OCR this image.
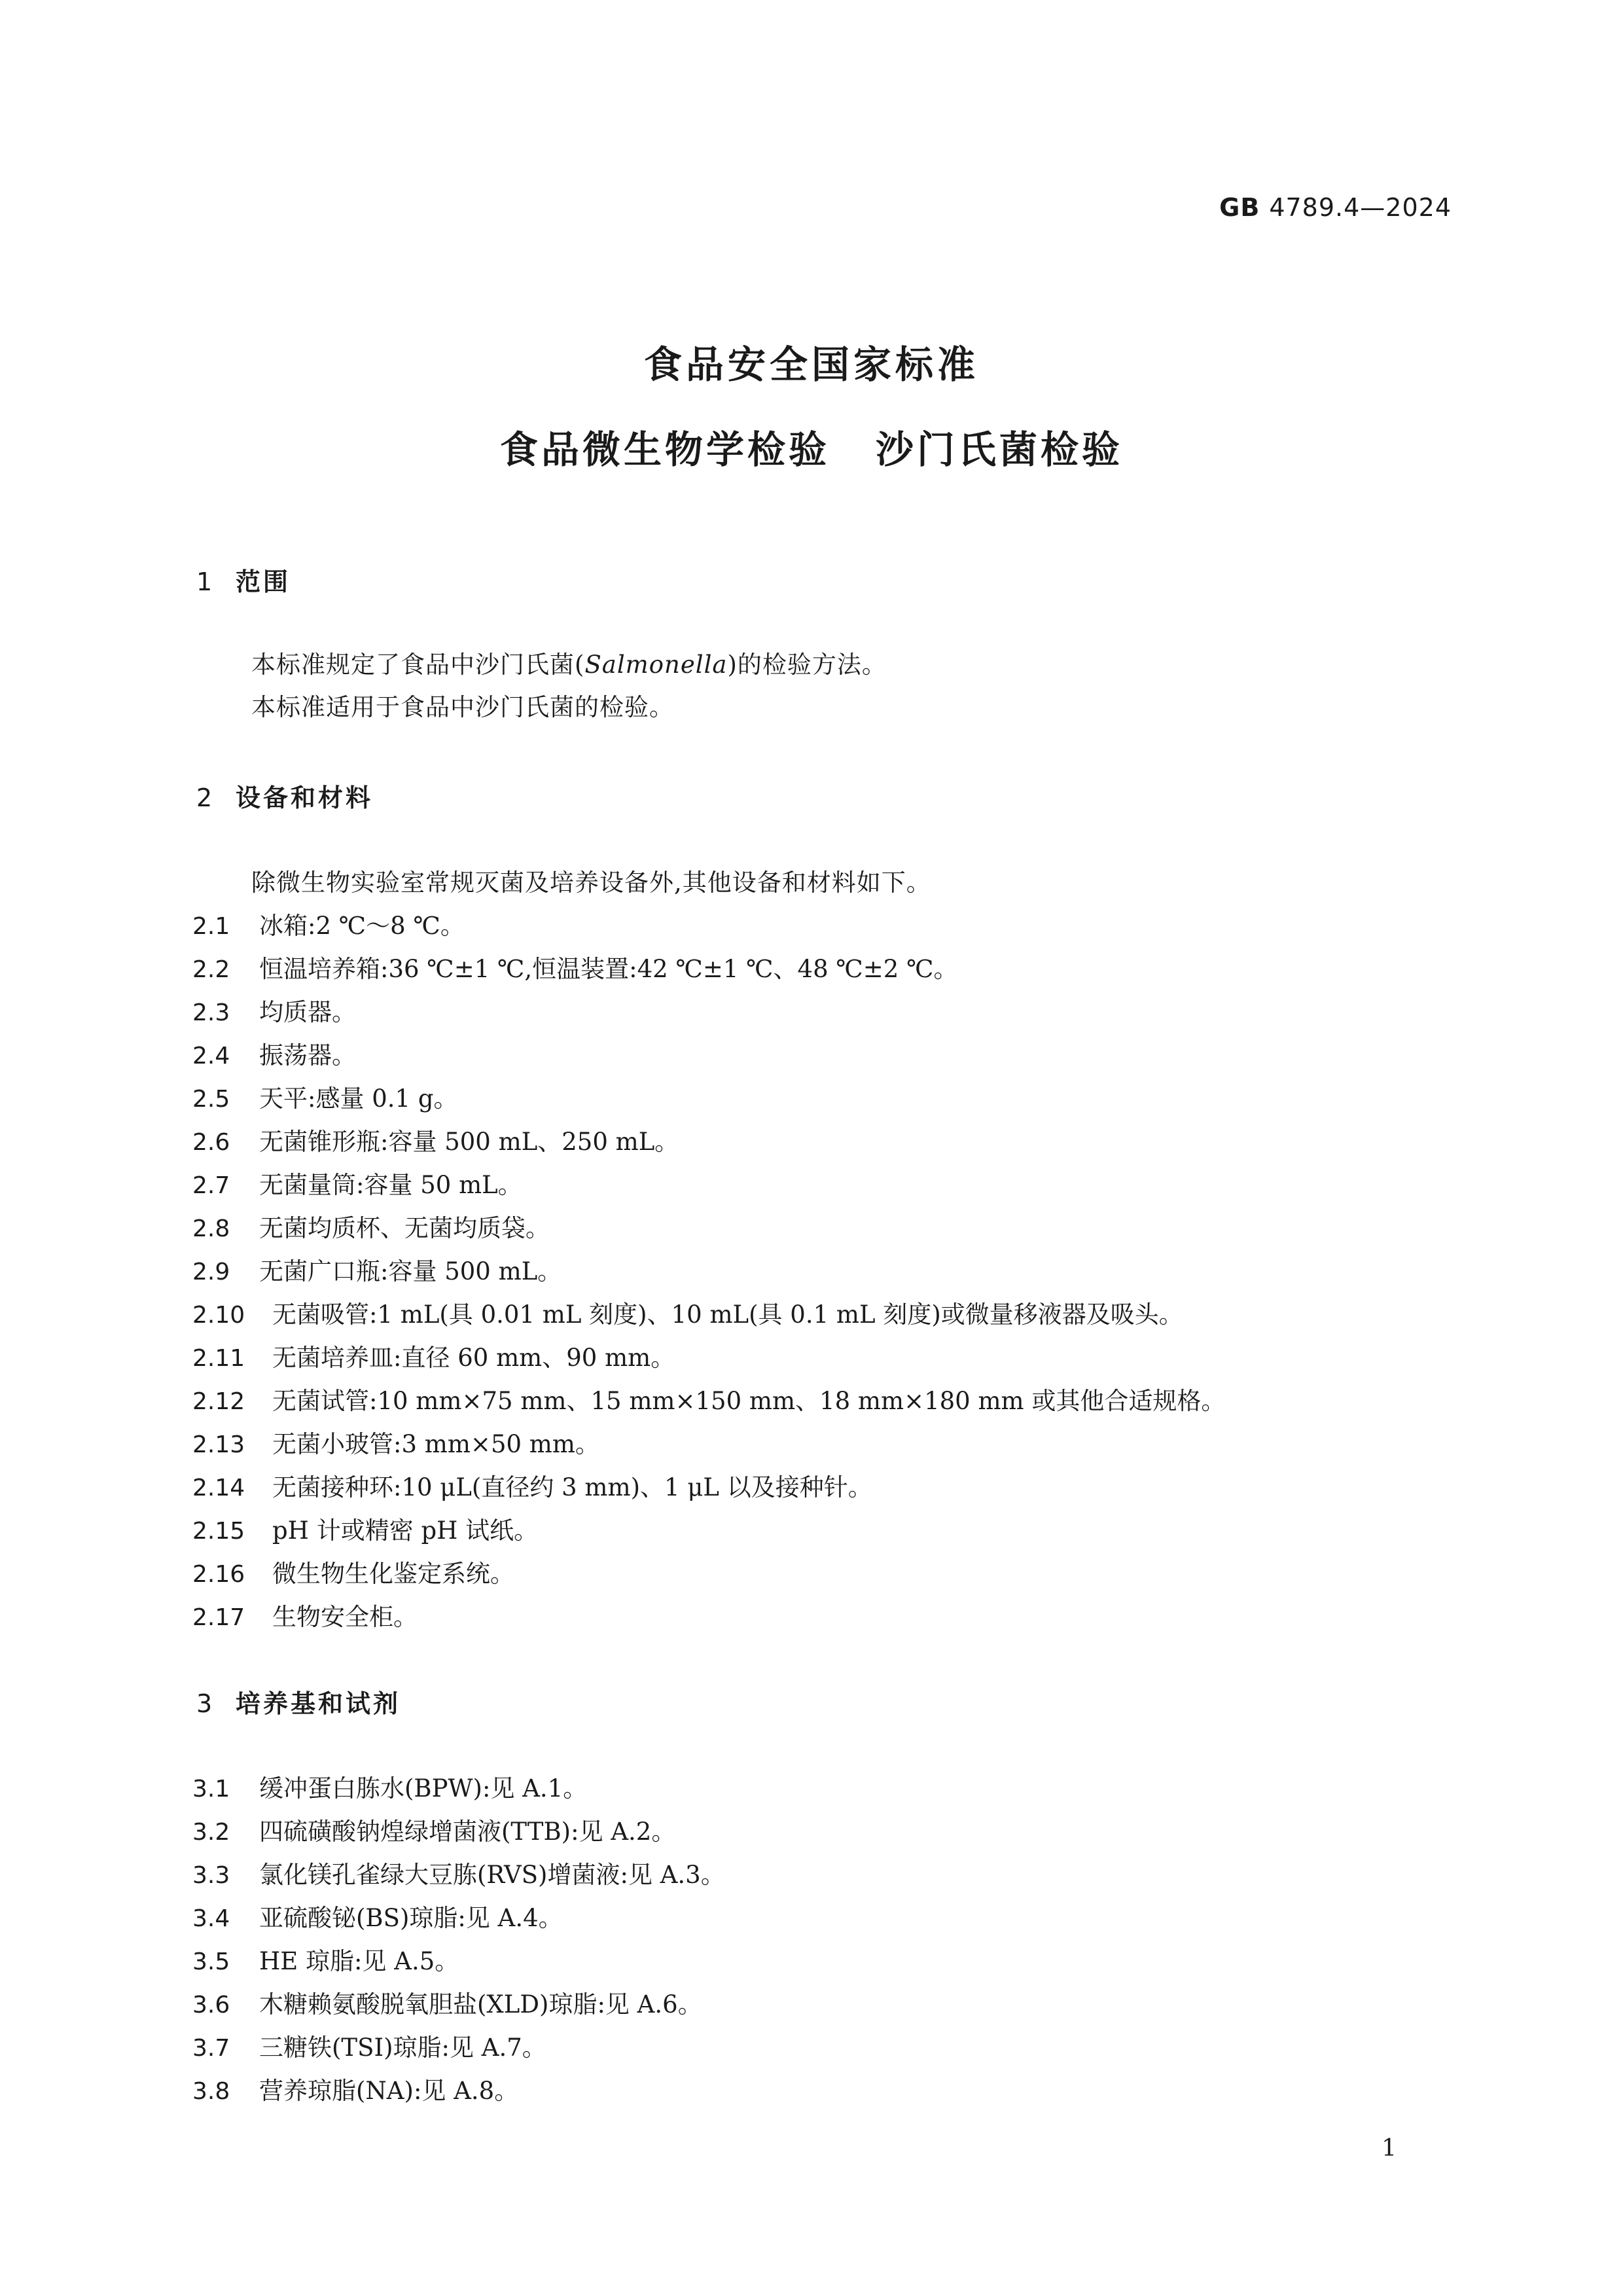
GB 4789.4—2024
食品安全国家标准
食品微生物学检验 沙门氏菌检验
1 范围
本标准规定了食品中沙门氏菌(Salmonella)的检验方法。
本标准适用于食品中沙门氏菌的检验。
2 设备和材料
除微生物实验室常规灭菌及培养设备外,其他设备和材料如下。
2.1 冰箱:2 ℃～8 ℃。
2.2 恒温培养箱:36 ℃±1 ℃,恒温装置:42 ℃±1 ℃、48 ℃±2 ℃。
2.3 均质器。
2.4 振荡器。
2.5 天平:感量 0.1 g。
2.6 无菌锥形瓶:容量 500 mL、250 mL。
2.7 无菌量筒:容量 50 mL。
2.8 无菌均质杯、无菌均质袋。
2.9 无菌广口瓶:容量 500 mL。
2.10 无菌吸管:1 mL(具 0.01 mL 刻度)、10 mL(具 0.1 mL 刻度)或微量移液器及吸头。
2.11 无菌培养皿:直径 60 mm、90 mm。
2.12 无菌试管:10 mm×75 mm、15 mm×150 mm、18 mm×180 mm 或其他合适规格。
2.13 无菌小玻管:3 mm×50 mm。
2.14 无菌接种环:10 μL(直径约 3 mm)、1 μL 以及接种针。
2.15 pH 计或精密 pH 试纸。
2.16 微生物生化鉴定系统。
2.17 生物安全柜。
3 培养基和试剂
3.1 缓冲蛋白胨水(BPW):见 A.1。
3.2 四硫磺酸钠煌绿增菌液(TTB):见 A.2。
3.3 氯化镁孔雀绿大豆胨(RVS)增菌液:见 A.3。
3.4 亚硫酸铋(BS)琼脂:见 A.4。
3.5 HE 琼脂:见 A.5。
3.6 木糖赖氨酸脱氧胆盐(XLD)琼脂:见 A.6。
3.7 三糖铁(TSI)琼脂:见 A.7。
3.8 营养琼脂(NA):见 A.8。
1
